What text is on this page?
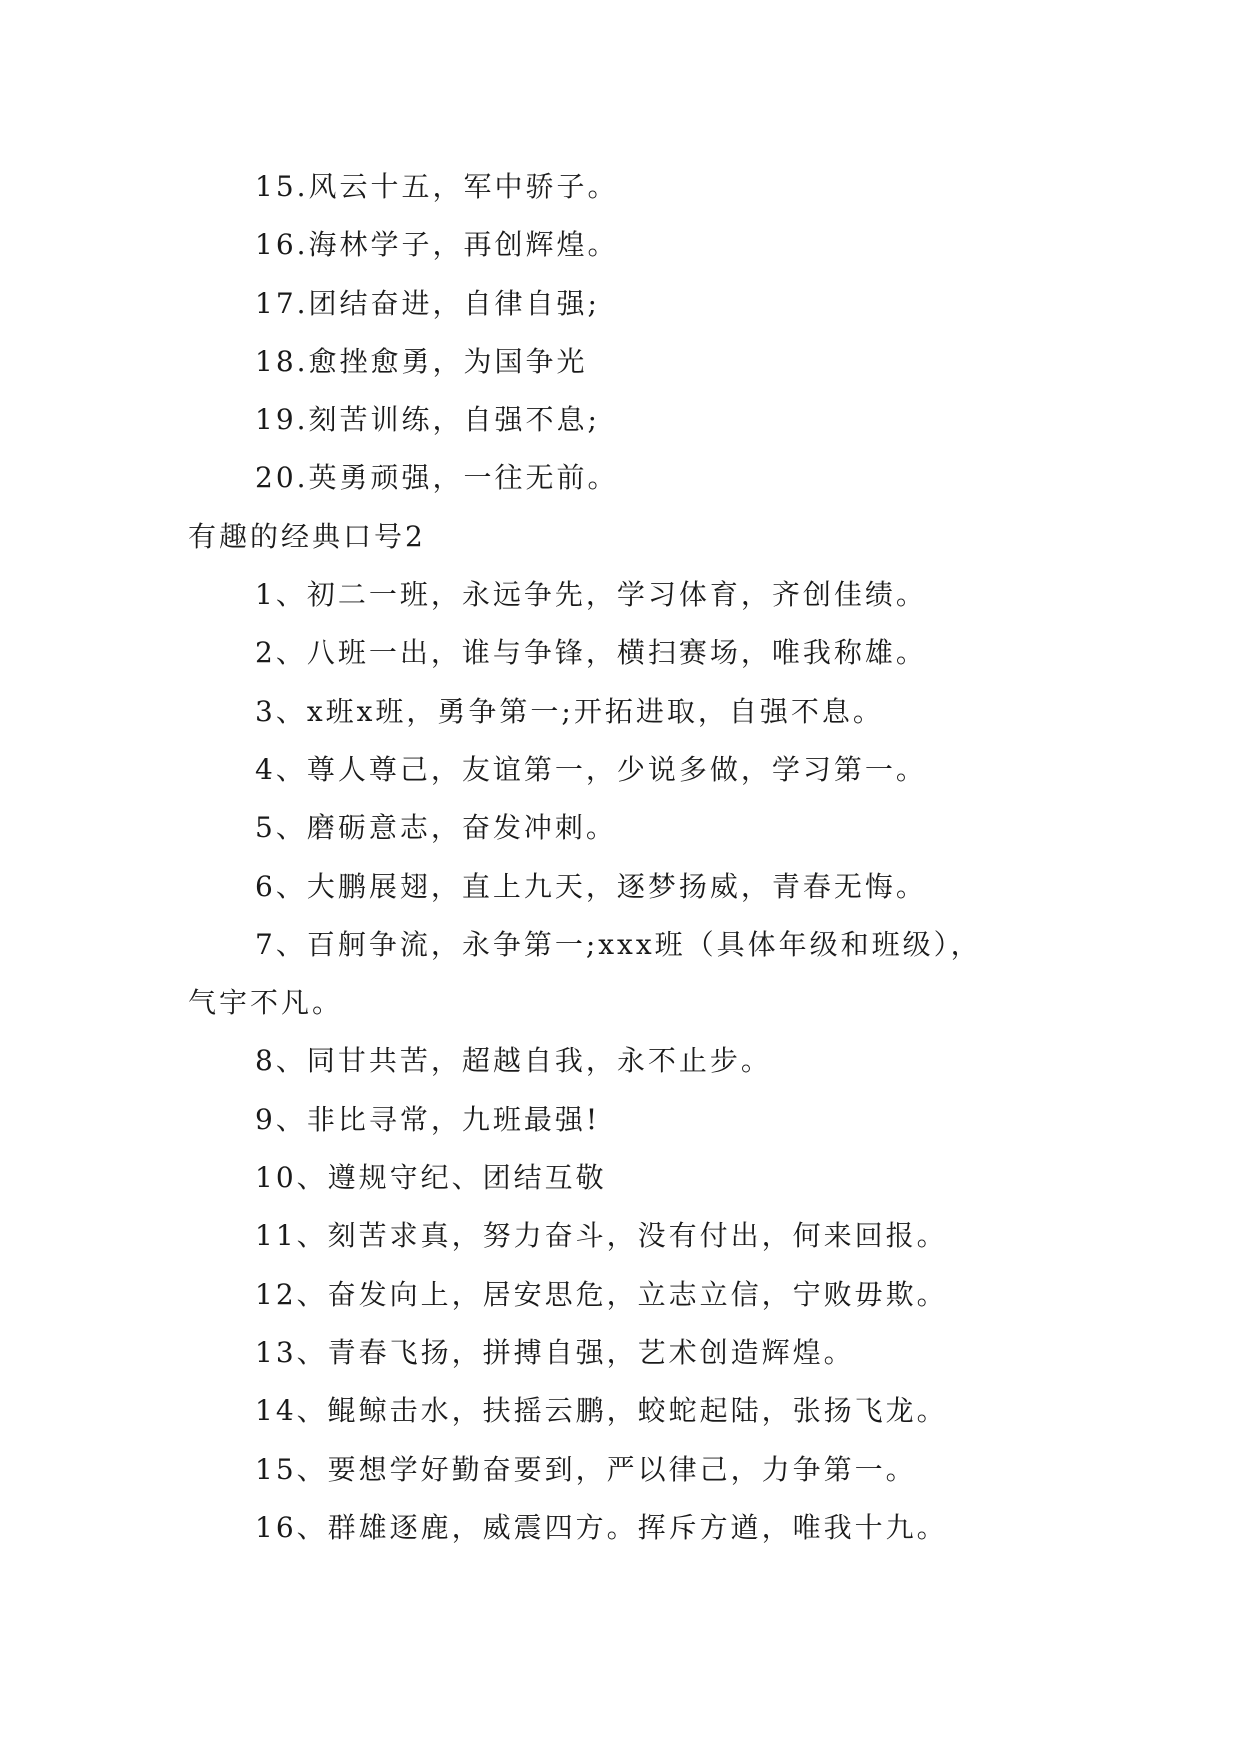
15.风云十五，军中骄子。
16.海林学子，再创辉煌。
17.团结奋进，自律自强;
18.愈挫愈勇，为国争光
19.刻苦训练，自强不息;
20.英勇顽强，一往无前。
有趣的经典口号2
1、初二一班，永远争先，学习体育，齐创佳绩。
2、八班一出，谁与争锋，横扫赛场，唯我称雄。
3、x班x班，勇争第一;开拓进取，自强不息。
4、尊人尊己，友谊第一，少说多做，学习第一。
5、磨砺意志，奋发冲刺。
6、大鹏展翅，直上九天，逐梦扬威，青春无悔。
7、百舸争流，永争第一;xxx班（具体年级和班级），
气宇不凡。
8、同甘共苦，超越自我，永不止步。
9、非比寻常，九班最强!
10、遵规守纪、团结互敬
11、刻苦求真，努力奋斗，没有付出，何来回报。
12、奋发向上，居安思危，立志立信，宁败毋欺。
13、青春飞扬，拼搏自强，艺术创造辉煌。
14、鲲鲸击水，扶摇云鹏，蛟蛇起陆，张扬飞龙。
15、要想学好勤奋要到，严以律己，力争第一。
16、群雄逐鹿，威震四方。挥斥方遒，唯我十九。
